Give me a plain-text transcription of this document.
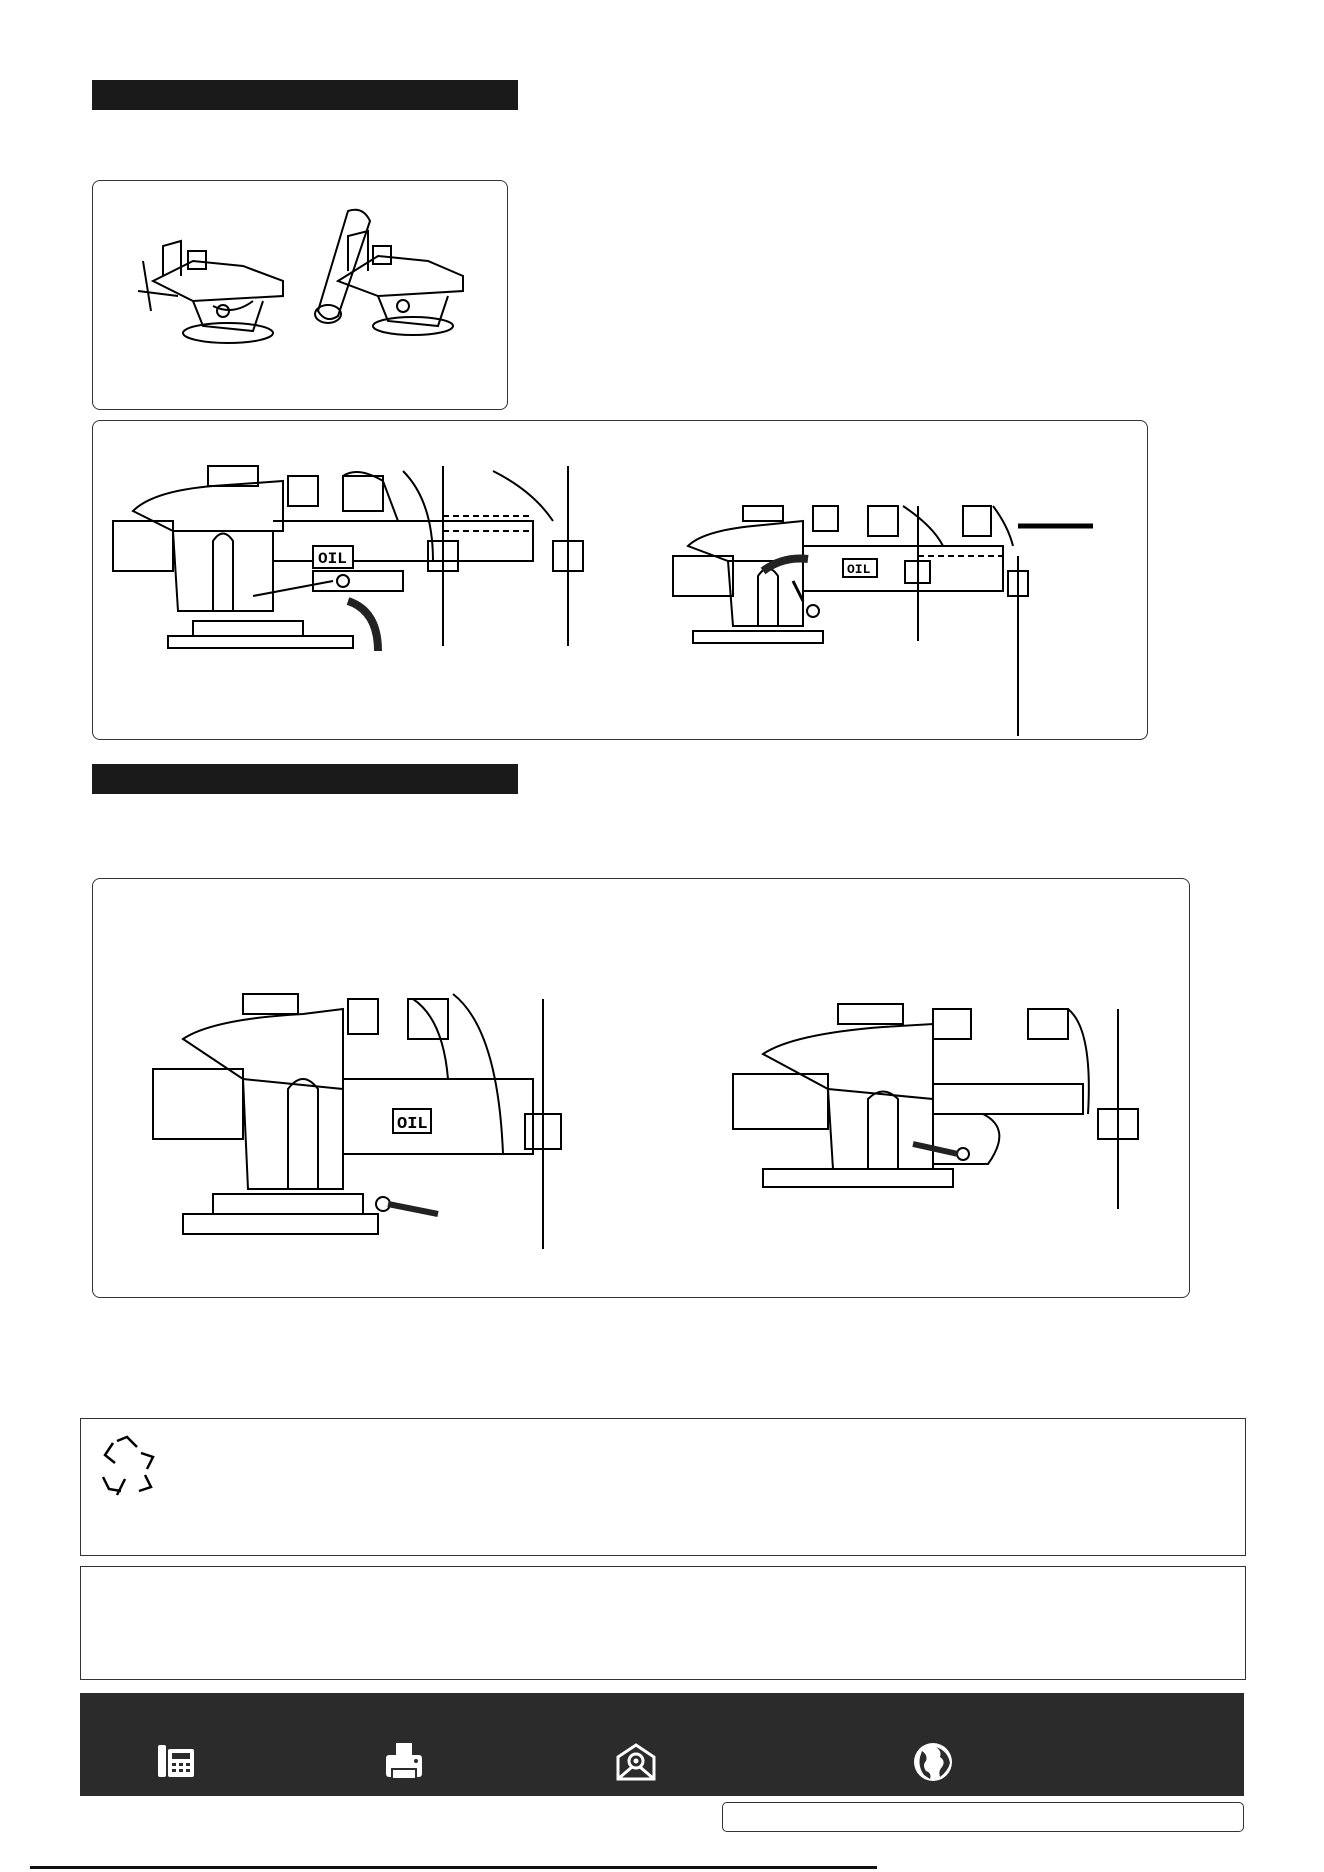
OIL
OIL
OIL
